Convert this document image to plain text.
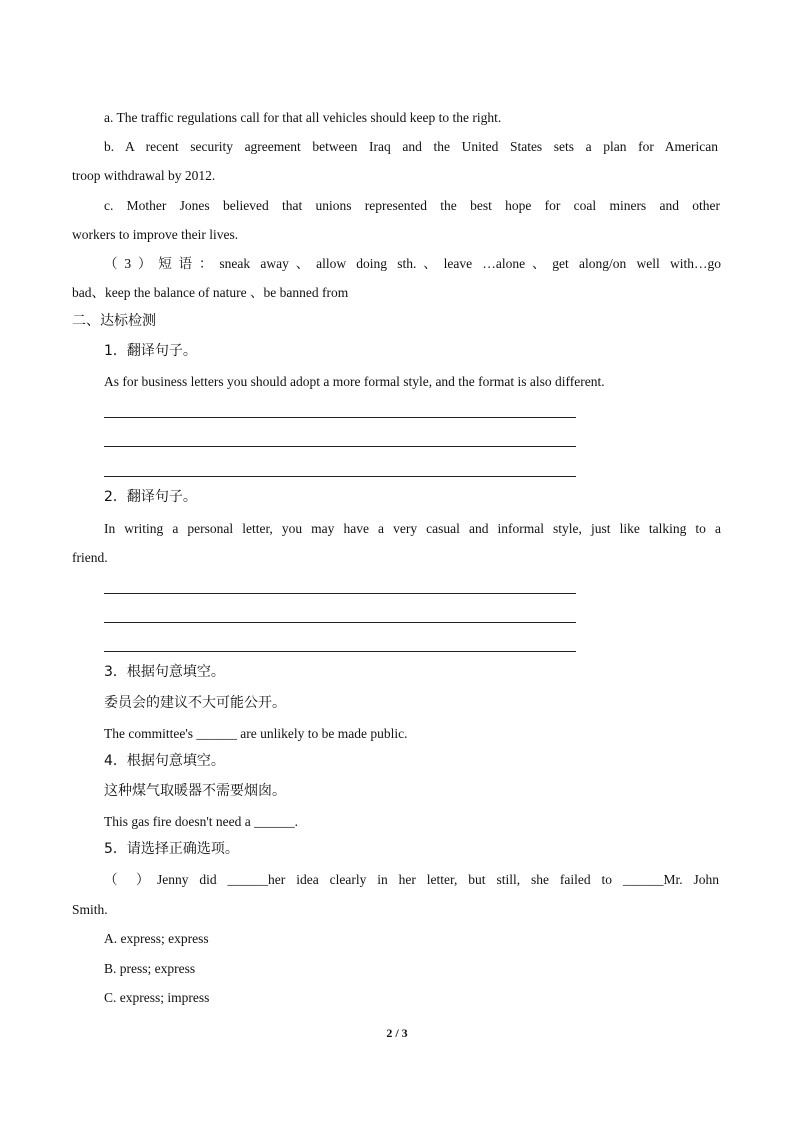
a. The traffic regulations call for that all vehicles should keep to the right.
b. A recent security agreement between Iraq and the United States sets a plan for American
troop withdrawal by 2012.
c. Mother Jones believed that unions represented the best hope for coal miners and other
workers to improve their lives.
（3）短语：sneak away、allow doing sth.、leave …alone、get along/on well with…go
bad、keep the balance of nature 、be banned from
二、达标检测
1．翻译句子。
As for business letters you should adopt a more formal style, and the format is also different.
2．翻译句子。
In writing a personal letter, you may have a very casual and informal style, just like talking to a
friend.
3．根据句意填空。
委员会的建议不大可能公开。
The committee's ______ are unlikely to be made public.
4．根据句意填空。
这种煤气取暖器不需要烟囱。
This gas fire doesn't need a ______.
5．请选择正确选项。
（ ）Jenny did ______her idea clearly in her letter, but still, she failed to ______Mr. John
Smith.
A. express; express
B. press; express
C. express; impress
2 / 3
